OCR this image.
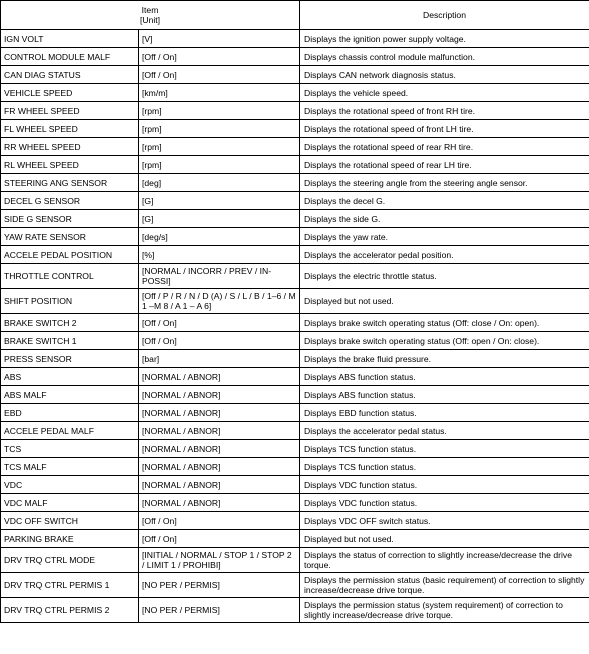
Item
[Unit]		Description
IGN VOLT	[V]	Displays the ignition power supply voltage.
CONTROL MODULE MALF	[Off / On]	Displays chassis control module malfunction.
CAN DIAG STATUS	[Off / On]	Displays CAN network diagnosis status.
VEHICLE SPEED	[km/m]	Displays the vehicle speed.
FR WHEEL SPEED	[rpm]	Displays the rotational speed of front RH tire.
FL WHEEL SPEED	[rpm]	Displays the rotational speed of front LH tire.
RR WHEEL SPEED	[rpm]	Displays the rotational speed of rear RH tire.
RL WHEEL SPEED	[rpm]	Displays the rotational speed of rear LH tire.
STEERING ANG SENSOR	[deg]	Displays the steering angle from the steering angle sensor.
DECEL G SENSOR	[G]	Displays the decel G.
SIDE G SENSOR	[G]	Displays the side G.
YAW RATE SENSOR	[deg/s]	Displays the yaw rate.
ACCELE PEDAL POSITION	[%]	Displays the accelerator pedal position.
THROTTLE CONTROL	[NORMAL / INCORR / PREV / IN-POSSI]	Displays the electric throttle status.
SHIFT POSITION	[Off / P / R / N / D (A) / S / L / B / 1–6 / M 1 –M 8 / A 1 – A 6]	Displayed but not used.
BRAKE SWITCH 2	[Off / On]	Displays brake switch operating status (Off: close / On: open).
BRAKE SWITCH 1	[Off / On]	Displays brake switch operating status (Off: open / On: close).
PRESS SENSOR	[bar]	Displays the brake fluid pressure.
ABS	[NORMAL / ABNOR]	Displays ABS function status.
ABS MALF	[NORMAL / ABNOR]	Displays ABS function status.
EBD	[NORMAL / ABNOR]	Displays EBD function status.
ACCELE PEDAL MALF	[NORMAL / ABNOR]	Displays the accelerator pedal status.
TCS	[NORMAL / ABNOR]	Displays TCS function status.
TCS MALF	[NORMAL / ABNOR]	Displays TCS function status.
VDC	[NORMAL / ABNOR]	Displays VDC function status.
VDC MALF	[NORMAL / ABNOR]	Displays VDC function status.
VDC OFF SWITCH	[Off / On]	Displays VDC OFF switch status.
PARKING BRAKE	[Off / On]	Displayed but not used.
DRV TRQ CTRL MODE	[INITIAL / NORMAL / STOP 1 / STOP 2 / LIMIT 1 / PROHIBI]	Displays the status of correction to slightly increase/decrease the drive torque.
DRV TRQ CTRL PERMIS 1	[NO PER / PERMIS]	Displays the permission status (basic requirement) of correction to slightly increase/decrease drive torque.
DRV TRQ CTRL PERMIS 2	[NO PER / PERMIS]	Displays the permission status (system requirement) of correction to slightly increase/decrease drive torque.
